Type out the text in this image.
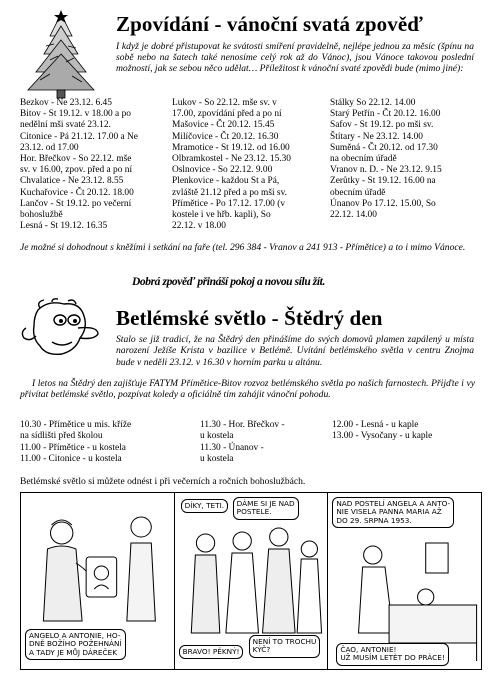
Zpovídání - vánoční svatá zpověď
I když je dobré přistupovat ke svátosti smíření pravidelně, nejlépe jednou za měsíc (špínu na sobě nebo na šatech také nenosíme celý rok až do Vánoc), jsou Vánoce takovou poslední možností, jak se sebou něco udělat… Příležitost k vánoční svaté zpovědi bude (mimo jiné):
Bezkov - Ne 23.12. 6.45
Bitov - St 19.12. v 18.00 a po
nedělní mši svaté 23.12.
Citonice - Pá 21.12. 17.00 a Ne
23.12. od 17.00
Hor. Břečkov - So 22.12. mše
sv. v 16.00, zpov. před a po ní
Chvalatice - Ne 23.12. 8.55
Kuchařovice - Čt 20.12. 18.00
Lančov - St 19.12. po večerní
bohoslužbě
Lesná - St 19.12. 16.35
Lukov - So 22.12. mše sv. v
17.00, zpovídání před a po ní
Mašovice - Čt 20.12. 15.45
Milíčovice - Čt 20.12. 16.30
Mramotice - St 19.12. od 16.00
Olbramkostel - Ne 23.12. 15.30
Oslnovice - So 22.12. 9.00
Plenkovice - každou St a Pá,
zvláště 21.12 před a po mši sv.
Přímětice - Po 17.12. 17.00 (v
kostele i ve hřb. kapli), So
22.12. v 18.00
Stálky So 22.12. 14.00
Starý Petřín - Čt 20.12. 16.00
Safov - St 19.12. po mši sv.
Štítary - Ne 23.12. 14.00
Suměná - Čt 20.12. od 17.30
na obecním úřadě
Vranov n. D. - Ne 23.12. 9.15
Zerůtky - St 19.12. 16.00 na
obecním úřadě
Únanov Po 17.12. 15.00, So
22.12. 14.00
Je možné si dohodnout s kněžími i setkání na faře (tel. 296 384 - Vranov a 241 913 - Přímětice) a to i mimo Vánoce.
Dobrá zpověď přináší pokoj a novou sílu žít.
Betlémské světlo - Štědrý den
Stalo se již tradicí, že na Štědrý den přinášíme do svých domovů plamen zapálený u místa narození Ježíše Krista v bazilice v Betlémě. Uvítání betlémského světla v centru Znojma bude v neděli 23.12. v 16.30 v horním parku u altánu.
I letos na Štědrý den zajišťuje FATYM Přímětice-Bitov rozvoz betlémského světla po našich farnostech. Přijďte i vy přivítat betlémské světlo, pozpívat koledy a oficiálně tím zahájit vánoční pohodu.
10.30 - Přímětice u mis. kříže
na sídlišti před školou
11.00 - Přímětice - u kostela
11.00 - Citonice - u kostela
11.30 - Hor. Břečkov -
u kostela
11.30 - Únanov -
u kostela
12.00 - Lesná - u kaple
13.00 - Vysočany - u kaple
Betlémské světlo si můžete odnést i při večerních a ročních bohoslužbách.
ANGELO A ANTONIE, HO-
DNĚ BOŽÍHO POŽEHNÁNÍ
A TADY JE MŮJ DÁREČEK
DÍKY, TETI.	DÁME SI JE NAD
POSTELE.
BRAVO! PĚKNÝ!
NENÍ TO TROCHU
KÝČ?
NAD POSTELÍ ANGELA A ANTO-
NIE VISELA PANNA MARIA AŽ
DO 29. SRPNA 1953.
ČAO, ANTONIE!
UŽ MUSÍM LETĚT DO PRÁCE!
